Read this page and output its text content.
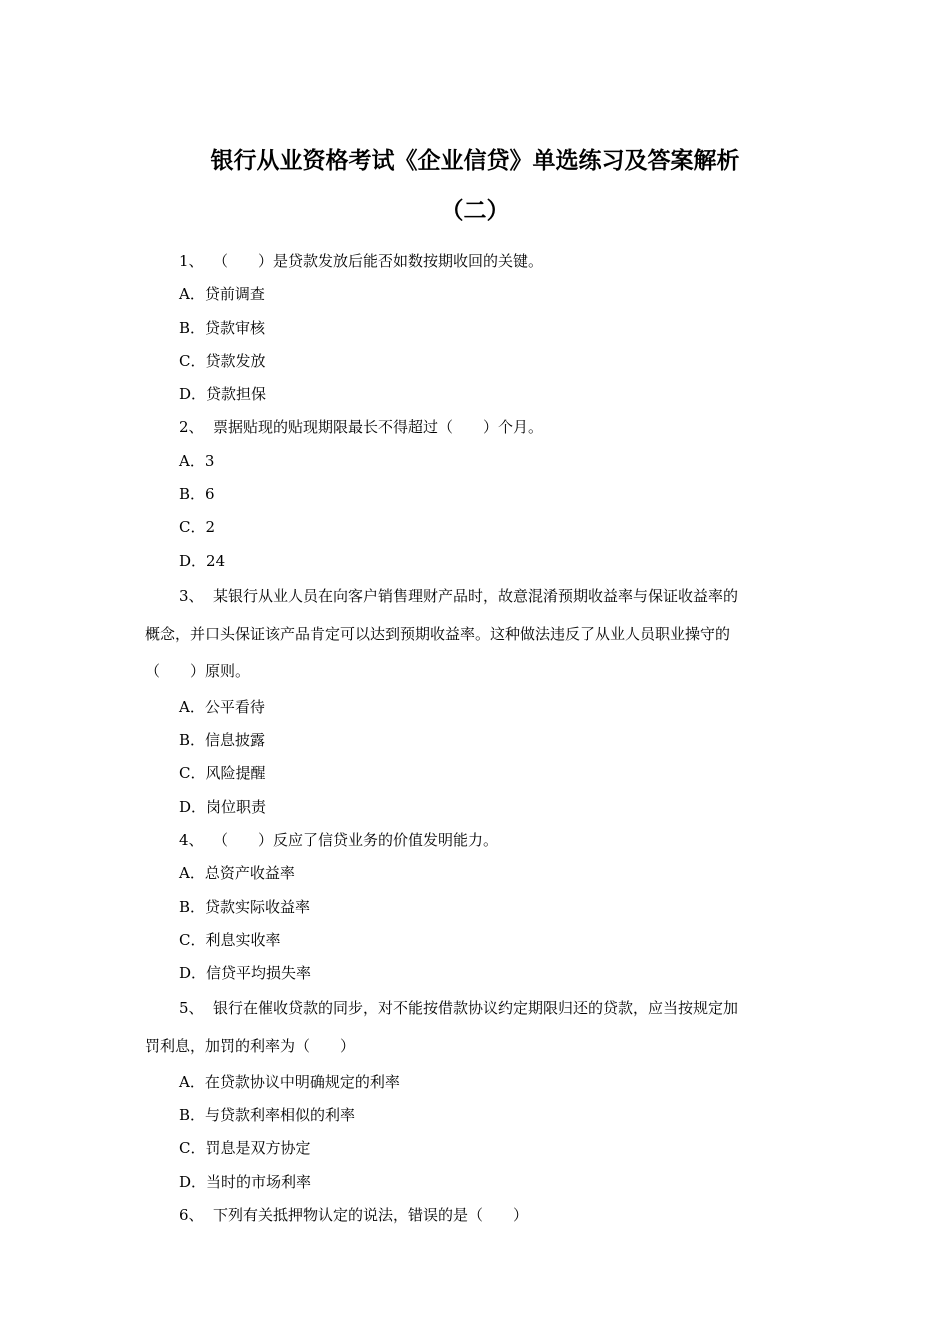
银行从业资格考试《企业信贷》单选练习及答案解析
（二）
1、 （　　）是贷款发放后能否如数按期收回的关键。
A．贷前调查
B．贷款审核
C．贷款发放
D．贷款担保
2、 票据贴现的贴现期限最长不得超过（　　）个月。
A．3
B．6
C．2
D．24
3、 某银行从业人员在向客户销售理财产品时，故意混淆预期收益率与保证收益率的
概念，并口头保证该产品肯定可以达到预期收益率。这种做法违反了从业人员职业操守的
（　　）原则。
A．公平看待
B．信息披露
C．风险提醒
D．岗位职责
4、 （　　）反应了信贷业务的价值发明能力。
A．总资产收益率
B．贷款实际收益率
C．利息实收率
D．信贷平均损失率
5、 银行在催收贷款的同步，对不能按借款协议约定期限归还的贷款，应当按规定加
罚利息，加罚的利率为（　　）
A．在贷款协议中明确规定的利率
B．与贷款利率相似的利率
C．罚息是双方协定
D．当时的市场利率
6、 下列有关抵押物认定的说法，错误的是（　　）
